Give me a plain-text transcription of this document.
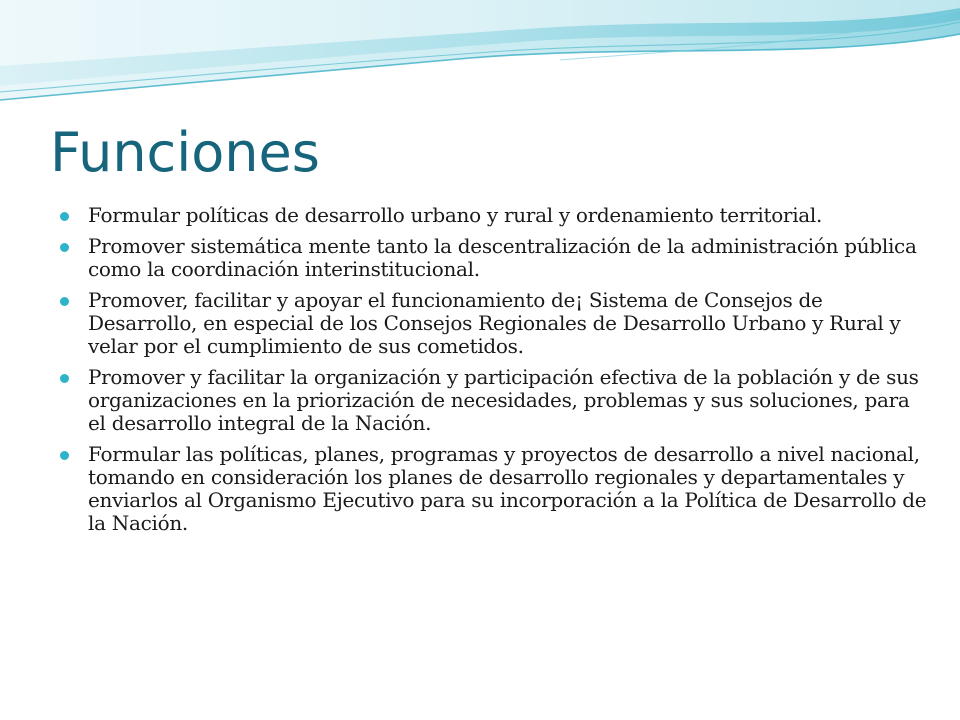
Funciones
Formular políticas de desarrollo urbano y rural y ordenamiento territorial.
Promover sistemática mente tanto la descentralización de la administración pública como la coordinación interinstitucional.
Promover, facilitar y apoyar el funcionamiento de¡ Sistema de Consejos de Desarrollo, en especial de los Consejos Regionales de Desarrollo Urbano y Rural y velar por el cumplimiento de sus cometidos.
Promover y facilitar la organización y participación efectiva de la población y de sus organizaciones en la priorización de necesidades, problemas y sus soluciones, para el desarrollo integral de la Nación.
Formular las políticas, planes, programas y proyectos de desarrollo a nivel nacional, tomando en consideración los planes de desarrollo regionales y departamentales y enviarlos al Organismo Ejecutivo para su incorporación a la Política de Desarrollo de la Nación.
